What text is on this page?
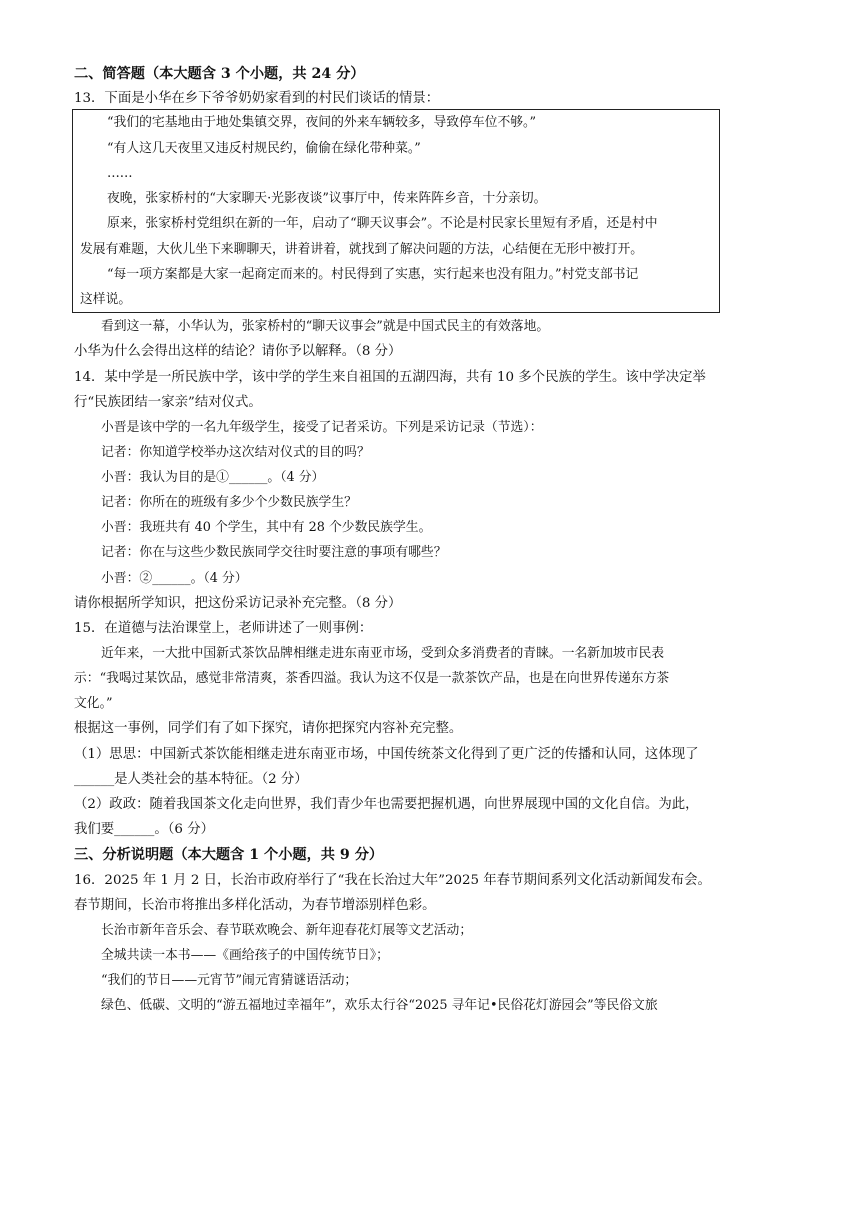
二、简答题（本大题含 3 个小题，共 24 分）
13．下面是小华在乡下爷爷奶奶家看到的村民们谈话的情景：
“我们的宅基地由于地处集镇交界，夜间的外来车辆较多，导致停车位不够。”
“有人这几天夜里又违反村规民约，偷偷在绿化带种菜。”
……
夜晚，张家桥村的“大家聊天·光影夜谈”议事厅中，传来阵阵乡音，十分亲切。
原来，张家桥村党组织在新的一年，启动了“聊天议事会”。不论是村民家长里短有矛盾，还是村中
发展有难题，大伙儿坐下来聊聊天，讲着讲着，就找到了解决问题的方法，心结便在无形中被打开。
“每一项方案都是大家一起商定而来的。村民得到了实惠，实行起来也没有阻力。”村党支部书记
这样说。
看到这一幕，小华认为，张家桥村的“聊天议事会”就是中国式民主的有效落地。
小华为什么会得出这样的结论？请你予以解释。（8 分）
14．某中学是一所民族中学，该中学的学生来自祖国的五湖四海，共有 10 多个民族的学生。该中学决定举
行“民族团结一家亲”结对仪式。
小晋是该中学的一名九年级学生，接受了记者采访。下列是采访记录（节选）：
记者：你知道学校举办这次结对仪式的目的吗？
小晋：我认为目的是①______。（4 分）
记者：你所在的班级有多少个少数民族学生？
小晋：我班共有 40 个学生，其中有 28 个少数民族学生。
记者：你在与这些少数民族同学交往时要注意的事项有哪些？
小晋：②______。（4 分）
请你根据所学知识，把这份采访记录补充完整。（8 分）
15．在道德与法治课堂上，老师讲述了一则事例：
近年来，一大批中国新式茶饮品牌相继走进东南亚市场，受到众多消费者的青睐。一名新加坡市民表
示：“我喝过某饮品，感觉非常清爽，茶香四溢。我认为这不仅是一款茶饮产品，也是在向世界传递东方茶
文化。”
根据这一事例，同学们有了如下探究，请你把探究内容补充完整。
（1）思思：中国新式茶饮能相继走进东南亚市场，中国传统茶文化得到了更广泛的传播和认同，这体现了
______是人类社会的基本特征。（2 分）
（2）政政：随着我国茶文化走向世界，我们青少年也需要把握机遇，向世界展现中国的文化自信。为此，
我们要______。（6 分）
三、分析说明题（本大题含 1 个小题，共 9 分）
16．2025 年 1 月 2 日，长治市政府举行了“我在长治过大年”2025 年春节期间系列文化活动新闻发布会。
春节期间，长治市将推出多样化活动，为春节增添别样色彩。
长治市新年音乐会、春节联欢晚会、新年迎春花灯展等文艺活动；
全城共读一本书——《画给孩子的中国传统节日》；
“我们的节日——元宵节”闹元宵猜谜语活动；
绿色、低碳、文明的“游五福地过幸福年”，欢乐太行谷“2025 寻年记•民俗花灯游园会”等民俗文旅
